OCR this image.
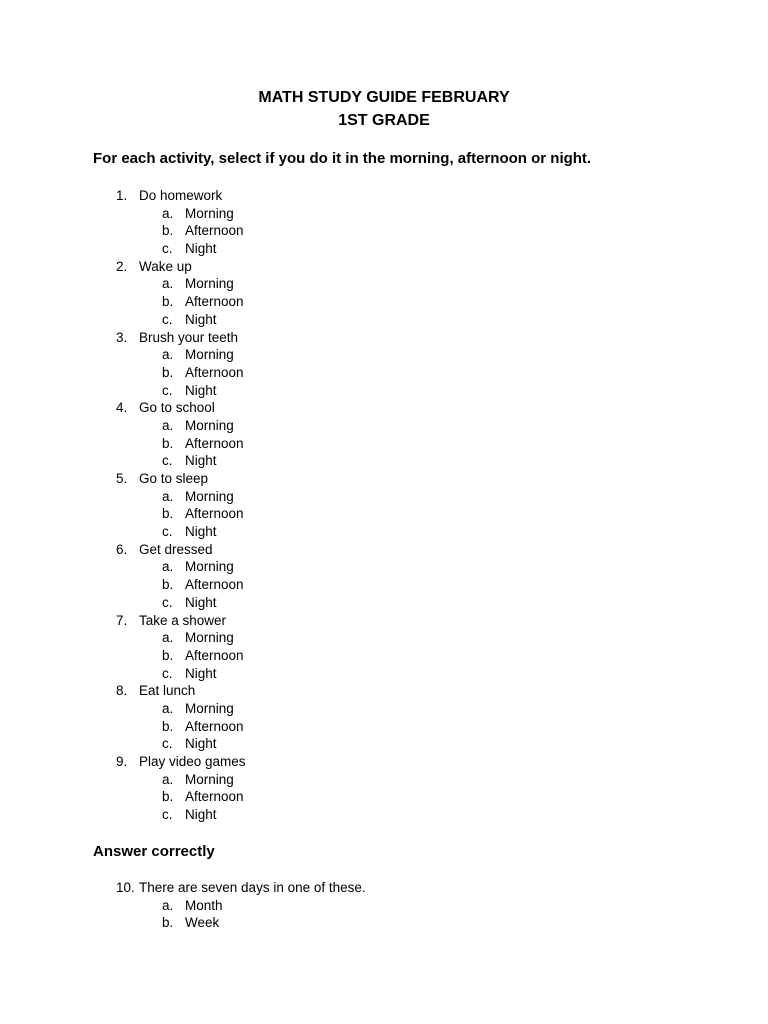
MATH STUDY GUIDE FEBRUARY
1ST GRADE
For each activity, select if you do it in the morning, afternoon or night.
1. Do homework
a. Morning
b. Afternoon
c. Night
2. Wake up
a. Morning
b. Afternoon
c. Night
3. Brush your teeth
a. Morning
b. Afternoon
c. Night
4. Go to school
a. Morning
b. Afternoon
c. Night
5. Go to sleep
a. Morning
b. Afternoon
c. Night
6. Get dressed
a. Morning
b. Afternoon
c. Night
7. Take a shower
a. Morning
b. Afternoon
c. Night
8. Eat lunch
a. Morning
b. Afternoon
c. Night
9. Play video games
a. Morning
b. Afternoon
c. Night
Answer correctly
10. There are seven days in one of these.
a. Month
b. Week
